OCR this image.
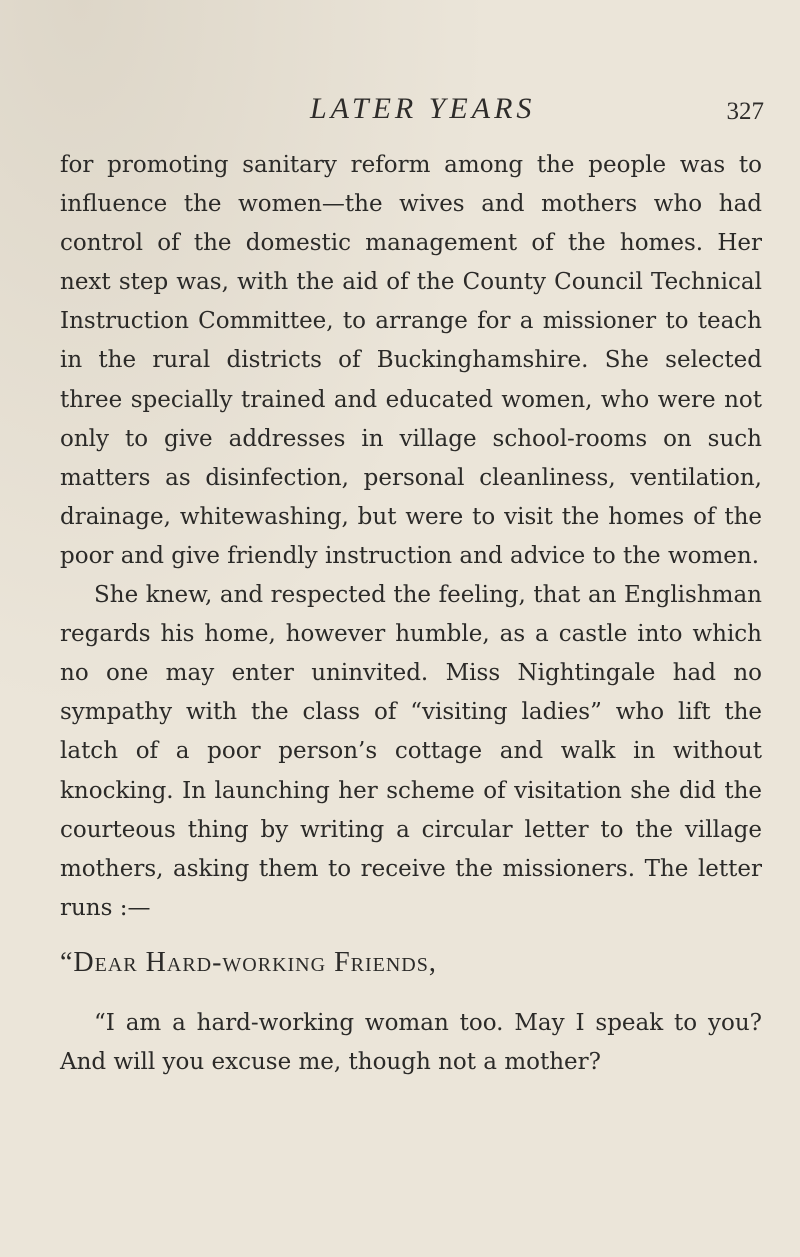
LATER YEARS	327

for promoting sanitary reform among the people was to influence the women—the wives and mothers who had control of the domestic management of the homes. Her next step was, with the aid of the County Council Technical Instruction Committee, to arrange for a missioner to teach in the rural districts of Buckinghamshire. She selected three specially trained and educated women, who were not only to give addresses in village school-rooms on such matters as disinfection, personal cleanliness, ventilation, drainage, whitewashing, but were to visit the homes of the poor and give friendly instruction and advice to the women.

She knew, and respected the feeling, that an Englishman regards his home, however humble, as a castle into which no one may enter uninvited. Miss Nightingale had no sympathy with the class of “visiting ladies” who lift the latch of a poor person’s cottage and walk in without knocking. In launching her scheme of visitation she did the courteous thing by writing a circular letter to the village mothers, asking them to receive the missioners. The letter runs :—

“Dear Hard-working Friends,

“I am a hard-working woman too. May I speak to you? And will you excuse me, though not a mother?
